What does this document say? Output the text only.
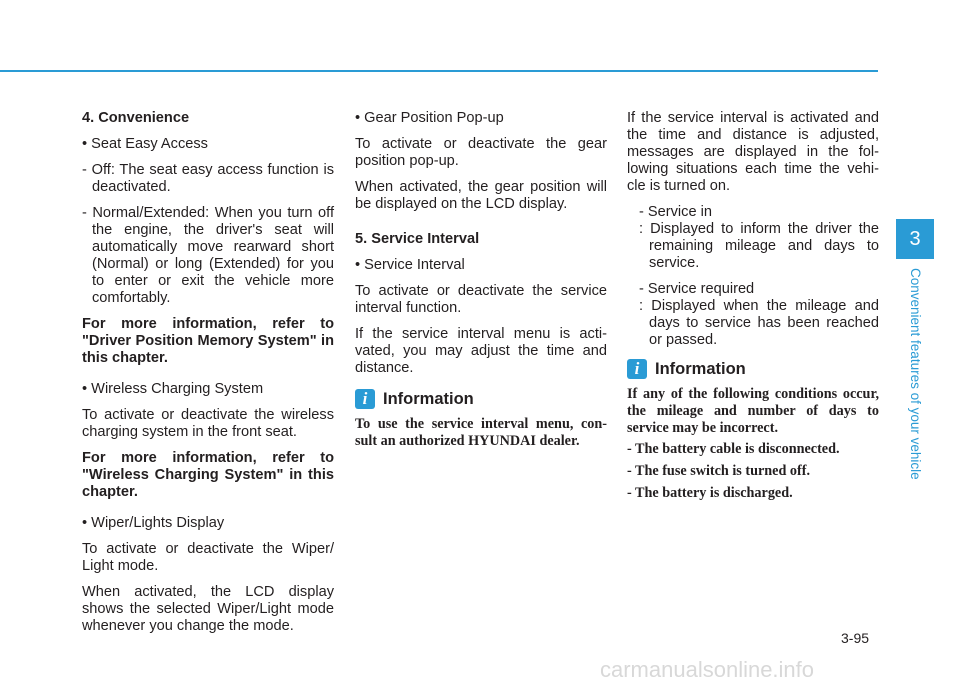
4. Convenience

• Seat Easy Access

- Off: The seat easy access function is deactivated.

- Normal/Extended: When you turn off the engine, the driver's seat will automatically move rearward short (Normal) or long (Extended) for you to enter or exit the vehicle more comfortably.

For more information, refer to "Driver Position Memory System" in this chapter.

• Wireless Charging System

To activate or deactivate the wireless charging system in the front seat.

For more information, refer to "Wireless Charging System" in this chapter.

• Wiper/Lights Display

To activate or deactivate the Wiper/ Light mode.

When activated, the LCD display shows the selected Wiper/Light mode whenever you change the mode.

• Gear Position Pop-up

To activate or deactivate the gear position pop-up.

When activated, the gear position will be displayed on the LCD display.

5. Service Interval

• Service Interval

To activate or deactivate the service interval function.

If the service interval menu is acti- vated, you may adjust the time and distance.

i Information

To use the service interval menu, con- sult an authorized HYUNDAI dealer.

If the service interval is activated and the time and distance is adjusted, messages are displayed in the fol- lowing situations each time the vehi- cle is turned on.

- Service in

: Displayed to inform the driver the remaining mileage and days to service.

- Service required

: Displayed when the mileage and days to service has been reached or passed.

i Information

If any of the following conditions occur, the mileage and number of days to service may be incorrect.

- The battery cable is disconnected.

- The fuse switch is turned off.

- The battery is discharged.

3
Convenient features of your vehicle
3-95
carmanualsonline.info
